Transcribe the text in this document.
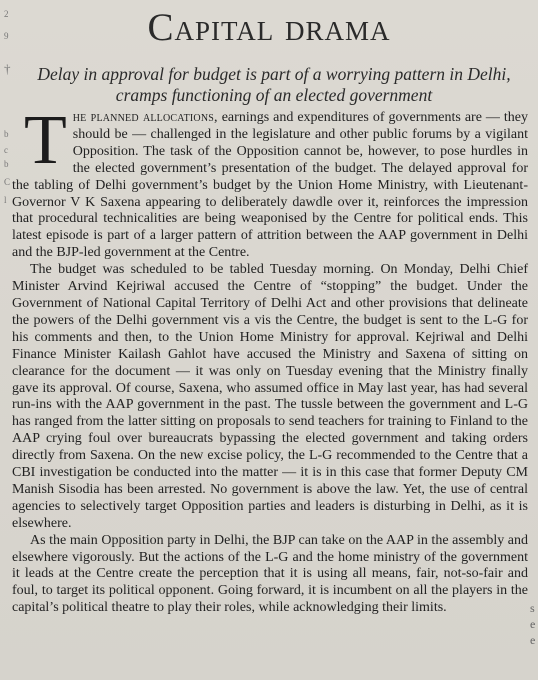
2
9
†
b
c
b
C
l
s
e
e
Capital drama
Delay in approval for budget is part of a worrying pattern in Delhi, cramps functioning of an elected government

The planned allocations, earnings and expenditures of governments are — they should be — challenged in the legislature and other public forums by a vigilant Opposition. The task of the Opposition cannot be, however, to pose hurdles in the elected government’s presentation of the budget. The delayed approval for the tabling of Delhi government’s budget by the Union Home Ministry, with Lieutenant-Governor V K Saxena appearing to deliberately dawdle over it, reinforces the impression that procedural technicalities are being weaponised by the Centre for political ends. This latest episode is part of a larger pattern of attrition between the AAP government in Delhi and the BJP-led government at the Centre.

The budget was scheduled to be tabled Tuesday morning. On Monday, Delhi Chief Minister Arvind Kejriwal accused the Centre of “stopping” the budget. Under the Government of National Capital Territory of Delhi Act and other provisions that delineate the powers of the Delhi government vis a vis the Centre, the budget is sent to the L-G for his comments and then, to the Union Home Ministry for approval. Kejriwal and Delhi Finance Minister Kailash Gahlot have accused the Ministry and Saxena of sitting on clearance for the document — it was only on Tuesday evening that the Ministry finally gave its approval. Of course, Saxena, who assumed office in May last year, has had several run-ins with the AAP government in the past. The tussle between the government and L-G has ranged from the latter sitting on proposals to send teachers for training to Finland to the AAP crying foul over bureaucrats bypassing the elected government and taking orders directly from Saxena. On the new excise policy, the L-G recommended to the Centre that a CBI investigation be conducted into the matter — it is in this case that former Deputy CM Manish Sisodia has been arrested. No government is above the law. Yet, the use of central agencies to selectively target Opposition parties and leaders is disturbing in Delhi, as it is elsewhere.

As the main Opposition party in Delhi, the BJP can take on the AAP in the assembly and elsewhere vigorously. But the actions of the L-G and the home ministry of the government it leads at the Centre create the perception that it is using all means, fair, not-so-fair and foul, to target its political opponent. Going forward, it is incumbent on all the players in the capital’s political theatre to play their roles, while acknowledging their limits.
